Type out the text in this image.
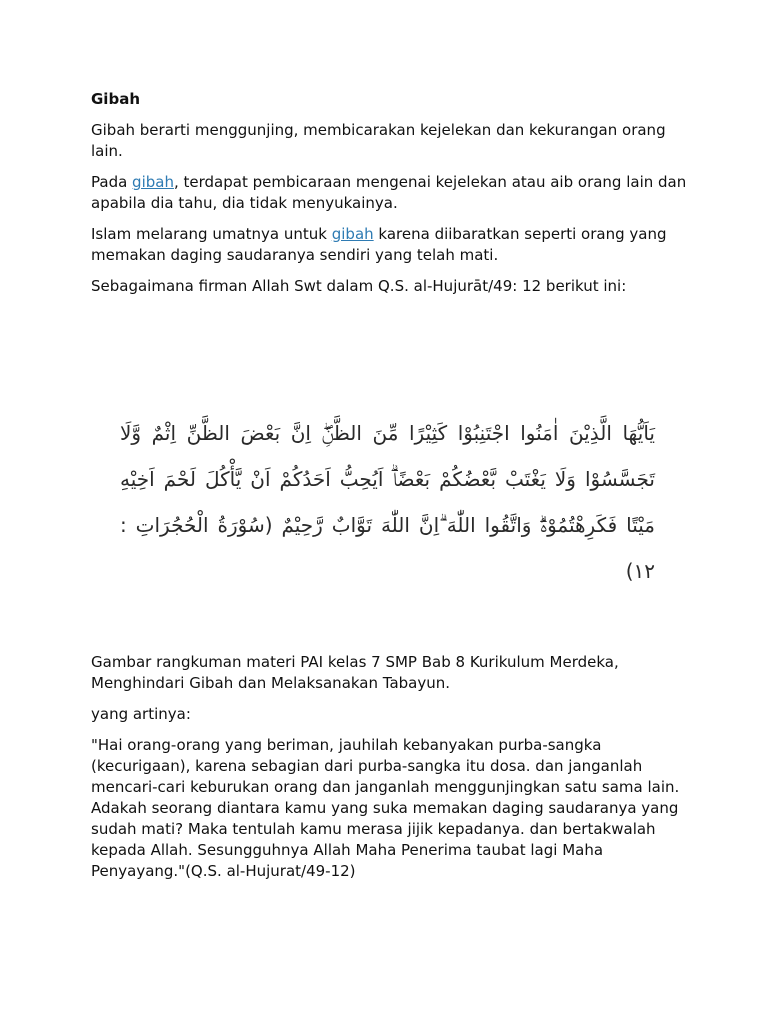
Gibah

Gibah berarti menggunjing, membicarakan kejelekan dan kekurangan orang lain.

Pada gibah, terdapat pembicaraan mengenai kejelekan atau aib orang lain dan apabila dia tahu, dia tidak menyukainya.

Islam melarang umatnya untuk gibah karena diibaratkan seperti orang yang memakan daging saudaranya sendiri yang telah mati.

Sebagaimana firman Allah Swt dalam Q.S. al-Hujurāt/49: 12 berikut ini:

يَاَيُّهَا الَّذِيْنَ اٰمَنُوا اجْتَنِبُوْا كَثِيْرًا مِّنَ الظَّنِّۖ اِنَّ بَعْضَ الظَّنِّ اِثْمٌ وَّلَا تَجَسَّسُوْا وَلَا يَغْتَبْ بَّعْضُكُمْ بَعْضًاۗ اَيُحِبُّ اَحَدُكُمْ اَنْ يَّأْكُلَ لَحْمَ اَخِيْهِ مَيْتًا فَكَرِهْتُمُوْهُۗ وَاتَّقُوا اللّٰهَ ۗاِنَّ اللّٰهَ تَوَّابٌ رَّحِيْمٌ (سُوْرَةُ الْحُجُرَاتِ : ١٢)

Gambar rangkuman materi PAI kelas 7 SMP Bab 8 Kurikulum Merdeka, Menghindari Gibah dan Melaksanakan Tabayun.

yang artinya:

"Hai orang-orang yang beriman, jauhilah kebanyakan purba-sangka (kecurigaan), karena sebagian dari purba-sangka itu dosa. dan janganlah mencari-cari keburukan orang dan janganlah menggunjingkan satu sama lain. Adakah seorang diantara kamu yang suka memakan daging saudaranya yang sudah mati? Maka tentulah kamu merasa jijik kepadanya. dan bertakwalah kepada Allah. Sesungguhnya Allah Maha Penerima taubat lagi Maha Penyayang."(Q.S. al-Hujurat/49-12)
